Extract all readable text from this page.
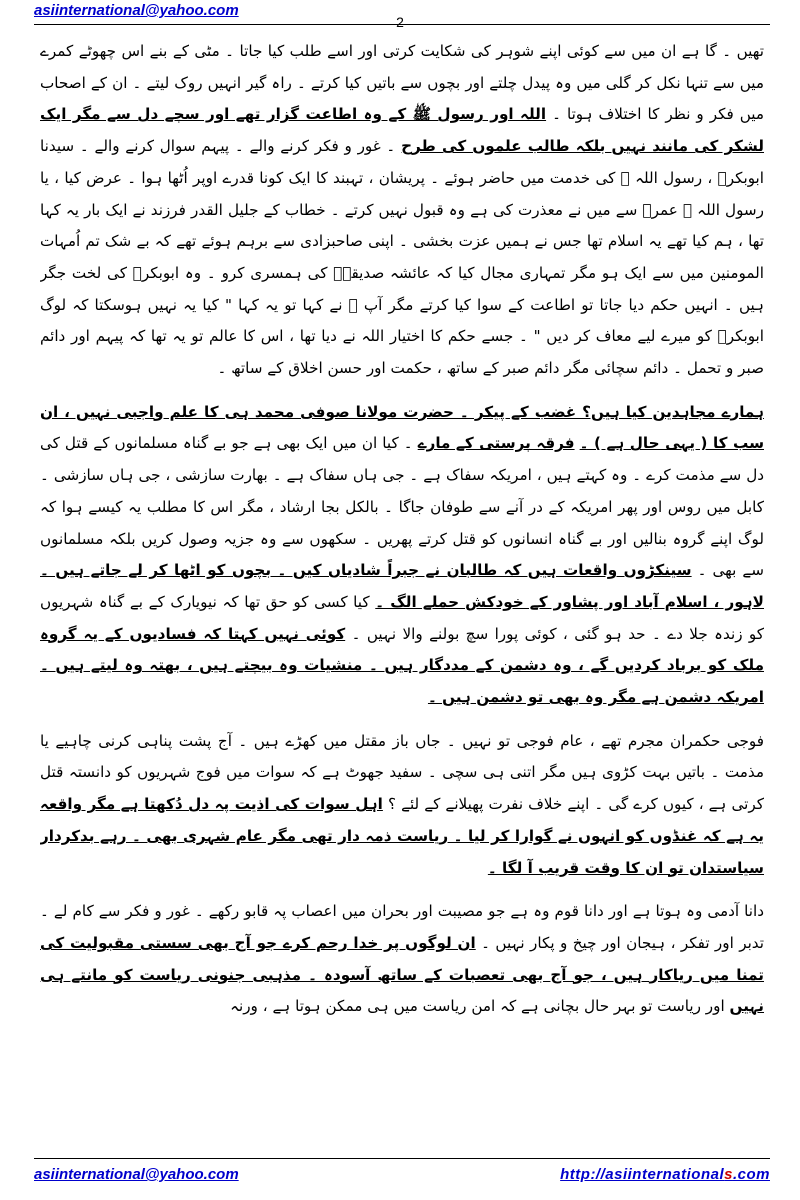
asiinternational@yahoo.com
2

تھیں ۔ گا ہے ان میں سے کوئی اپنے شوہر کی شکایت کرتی اور اسے طلب کیا جاتا ۔ مٹی کے بنے اس چھوٹے کمرے میں سے تنہا نکل کر گلی میں وہ پیدل چلتے اور بچوں سے باتیں کیا کرتے ۔ راہ گیر انہیں روک لیتے ۔ ان کے اصحاب میں فکر و نظر کا اختلاف ہوتا ۔ اللہ اور رسول ﷺ کے وہ اطاعت گزار تھے اور سچے دل سے مگر ایک لشکر کی مانند نہیں بلکہ طالب علموں کی طرح ۔ غور و فکر کرنے والے ۔ پیہم سوال کرنے والے ۔ سیدنا ابوبکرؓ ، رسول اللہ ﷺ کی خدمت میں حاضر ہوئے ۔ پریشان ، تہبند کا ایک کونا قدرے اوپر اُٹھا ہوا ۔ عرض کیا ، یا رسول اللہ ﷺ عمرؓ سے میں نے معذرت کی ہے وہ قبول نہیں کرتے ۔ خطاب کے جلیل القدر فرزند نے ایک بار یہ کہا تھا ، ہم کیا تھے یہ اسلام تھا جس نے ہمیں عزت بخشی ۔ اپنی صاحبزادی سے برہم ہوئے تھے کہ بے شک تم اُمہات المومنین میں سے ایک ہو مگر تمہاری مجال کیا کہ عائشہ صدیقہؓ کی ہمسری کرو ۔ وہ ابوبکرؓ کی لخت جگر ہیں ۔ انہیں حکم دیا جاتا تو اطاعت کے سوا کیا کرتے مگر آپ ﷺ نے کہا تو یہ کہا " کیا یہ نہیں ہوسکتا کہ لوگ ابوبکرؓ کو میرے لیے معاف کر دیں " ۔ جسے حکم کا اختیار اللہ نے دیا تھا ، اس کا عالم تو یہ تھا کہ پیہم اور دائم صبر و تحمل ۔ دائم سچائی مگر دائم صبر کے ساتھ ، حکمت اور حسن اخلاق کے ساتھ ۔

ہمارے مجاہدین کیا ہیں؟ غضب کے پیکر ۔ حضرت مولانا صوفی محمد ہی کا علم واجبی نہیں ، ان سب کا ( یہی حال ہے ) ۔ فرقہ پرستی کے مارے ۔ کیا ان میں ایک بھی ہے جو بے گناہ مسلمانوں کے قتل کی دل سے مذمت کرے ۔ وہ کہتے ہیں ، امریکہ سفاک ہے ۔ جی ہاں سفاک ہے ۔ بھارت سازشی ، جی ہاں سازشی ۔ کابل میں روس اور پھر امریکہ کے در آنے سے طوفان جاگا ۔ بالکل بجا ارشاد ، مگر اس کا مطلب یہ کیسے ہوا کہ لوگ اپنے گروہ بنالیں اور بے گناہ انسانوں کو قتل کرتے پھریں ۔ سکھوں سے وہ جزیہ وصول کریں بلکہ مسلمانوں سے بھی ۔ سینکڑوں واقعات ہیں کہ طالبان نے جبراً شادیاں کیں ۔ بچوں کو اٹھا کر لے جاتے ہیں ۔ لاہور ، اسلام آباد اور پشاور کے خودکش حملے الگ ۔ کیا کسی کو حق تھا کہ نیویارک کے بے گناہ شہریوں کو زندہ جلا دے ۔ حد ہو گئی ، کوئی پورا سچ بولنے والا نہیں ۔ کوئی نہیں کہتا کہ فسادیوں کے یہ گروہ ملک کو برباد کردیں گے ، وہ دشمن کے مددگار ہیں ۔ منشیات وہ بیچتے ہیں ، بھتہ وہ لیتے ہیں ۔ امریکہ دشمن ہے مگر وہ بھی تو دشمن ہیں ۔

فوجی حکمران مجرم تھے ، عام فوجی تو نہیں ۔ جاں باز مقتل میں کھڑے ہیں ۔ آج پشت پناہی کرنی چاہیے یا مذمت ۔ باتیں بہت کڑوی ہیں مگر اتنی ہی سچی ۔ سفید جھوٹ ہے کہ سوات میں فوج شہریوں کو دانستہ قتل کرتی ہے ، کیوں کرے گی ۔ اپنے خلاف نفرت پھیلانے کے لئے ؟ اہل سوات کی اذیت پہ دل دُکھتا ہے مگر واقعہ یہ ہے کہ غنڈوں کو انہوں نے گوارا کر لیا ۔ ریاست ذمہ دار تھی مگر عام شہری بھی ۔ رہے بدکردار سیاستدان تو ان کا وقت قریب آ لگا ۔

دانا آدمی وہ ہوتا ہے اور دانا قوم وہ ہے جو مصیبت اور بحران میں اعصاب پہ قابو رکھے ۔ غور و فکر سے کام لے ۔ تدبر اور تفکر ، ہیجان اور چیخ و پکار نہیں ۔ ان لوگوں پر خدا رحم کرے جو آج بھی سستی مقبولیت کی تمنا میں ریاکار ہیں ، جو آج بھی تعصبات کے ساتھ آسودہ ۔ مذہبی جنونی ریاست کو مانتے ہی نہیں اور ریاست تو بہر حال بچانی ہے کہ امن ریاست میں ہی ممکن ہوتا ہے ، ورنہ

asiinternational@yahoo.com	http://asiinternationals.com
